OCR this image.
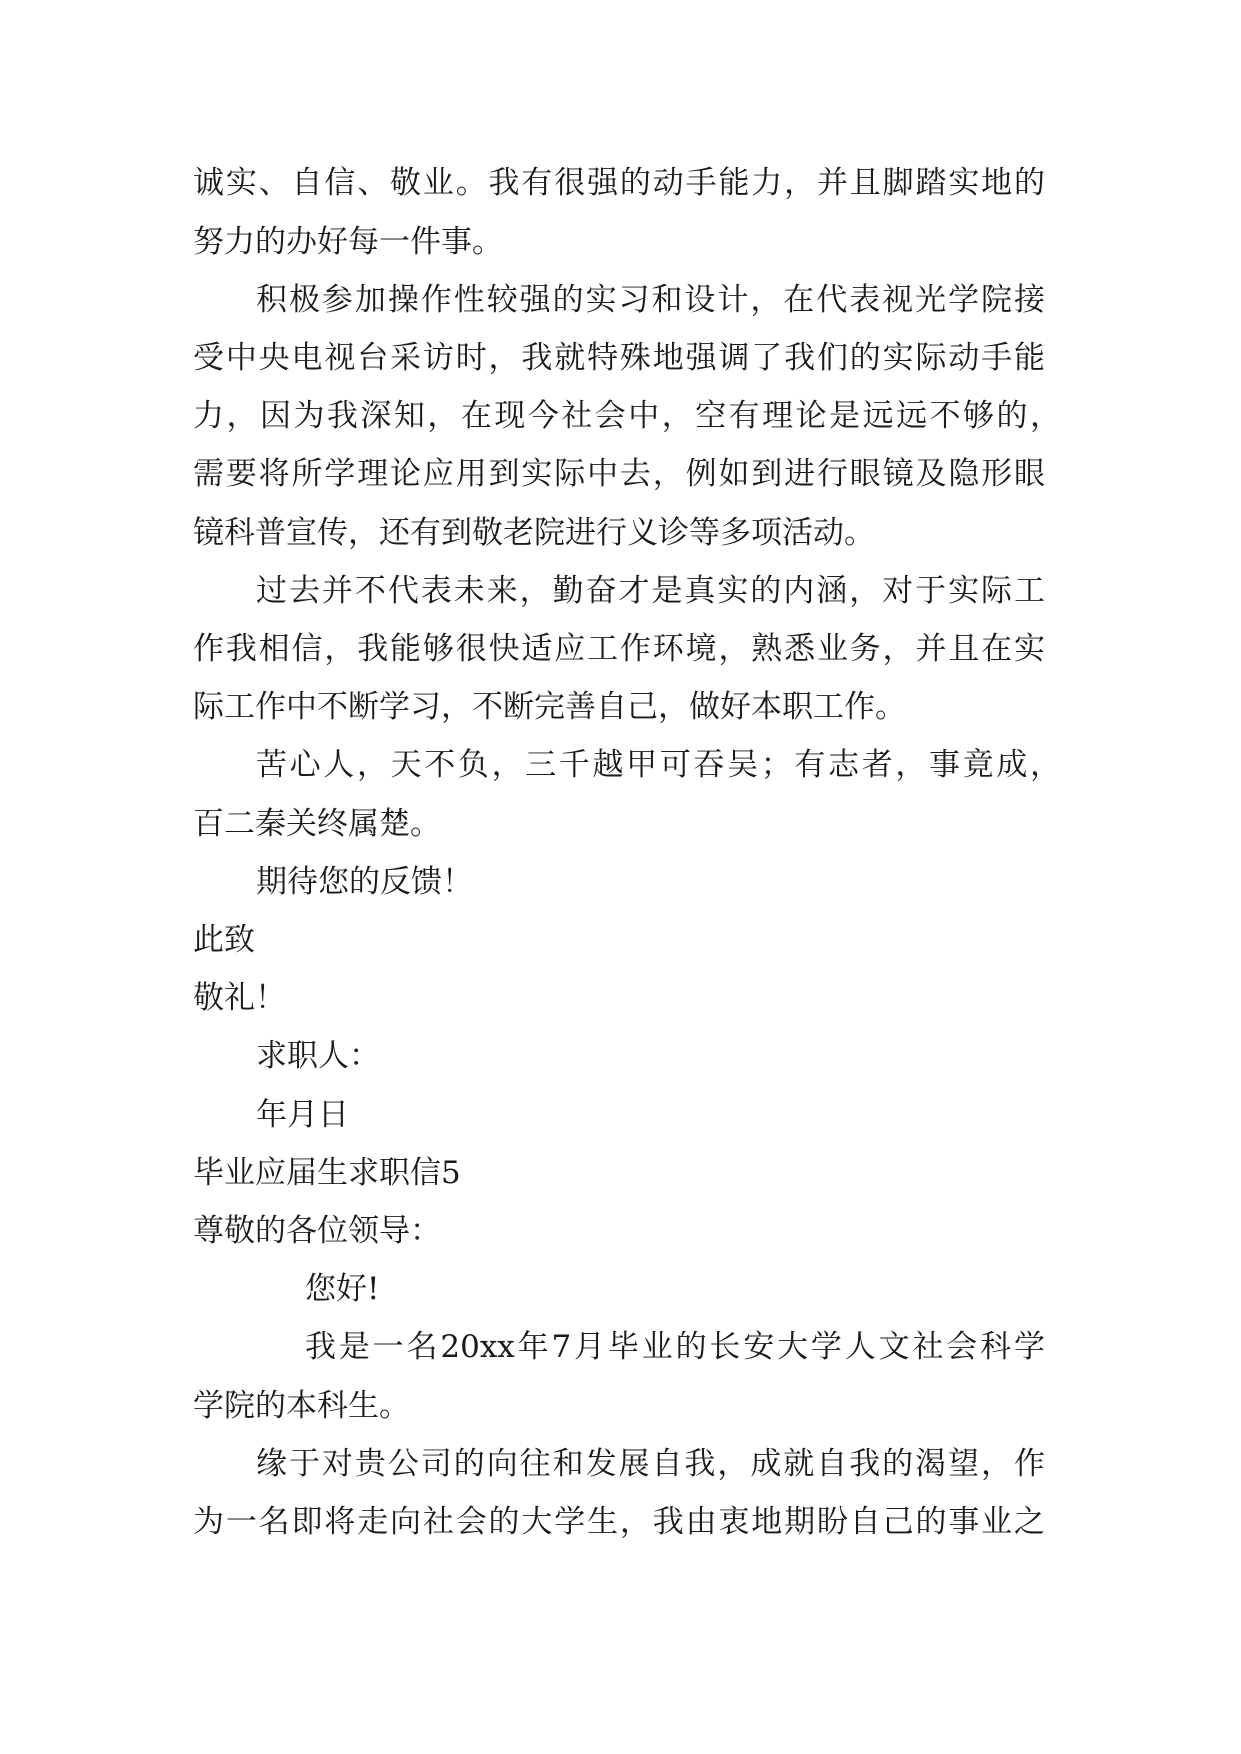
诚实、自信、敬业。我有很强的动手能力，并且脚踏实地的
努力的办好每一件事。
积极参加操作性较强的实习和设计，在代表视光学院接
受中央电视台采访时，我就特殊地强调了我们的实际动手能
力，因为我深知，在现今社会中，空有理论是远远不够的，
需要将所学理论应用到实际中去，例如到进行眼镜及隐形眼
镜科普宣传，还有到敬老院进行义诊等多项活动。
过去并不代表未来，勤奋才是真实的内涵，对于实际工
作我相信，我能够很快适应工作环境，熟悉业务，并且在实
际工作中不断学习，不断完善自己，做好本职工作。
苦心人，天不负，三千越甲可吞吴；有志者，事竟成，
百二秦关终属楚。
期待您的反馈！
此致
敬礼！
求职人：
年月日
毕业应届生求职信5
尊敬的各位领导：
您好!
我是一名20xx年7月毕业的长安大学人文社会科学
学院的本科生。
缘于对贵公司的向往和发展自我，成就自我的渴望，作
为一名即将走向社会的大学生，我由衷地期盼自己的事业之
